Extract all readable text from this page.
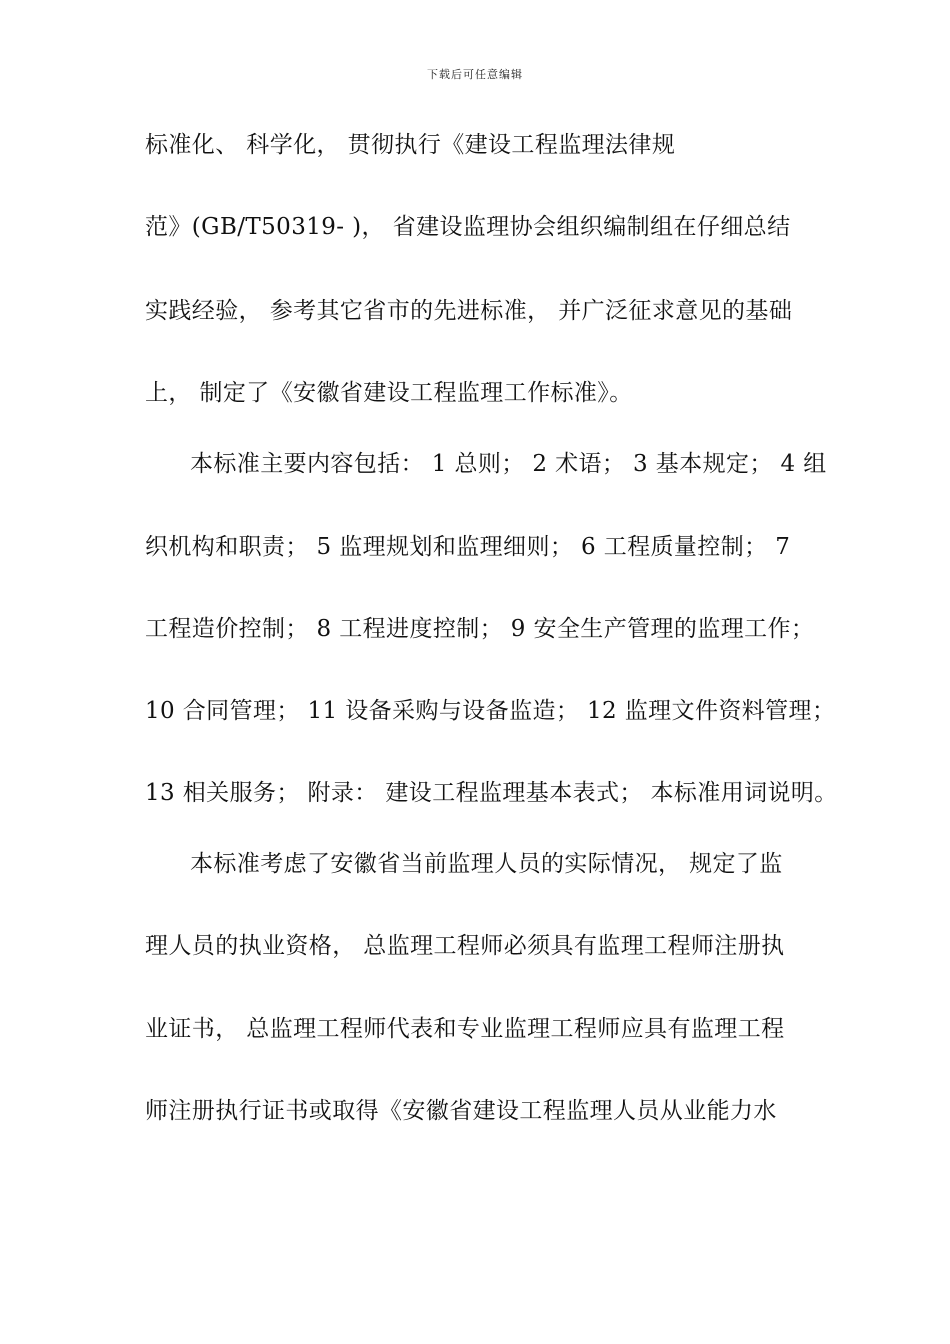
下载后可任意编辑
标准化、 科学化， 贯彻执行《建设工程监理法律规
范》(GB/T50319- )， 省建设监理协会组织编制组在仔细总结
实践经验， 参考其它省市的先进标准， 并广泛征求意见的基础
上， 制定了《安徽省建设工程监理工作标准》。
本标准主要内容包括： 1 总则； 2 术语； 3 基本规定； 4 组
织机构和职责； 5 监理规划和监理细则； 6 工程质量控制； 7
工程造价控制； 8 工程进度控制； 9 安全生产管理的监理工作；
10 合同管理； 11 设备采购与设备监造； 12 监理文件资料管理；
13 相关服务； 附录： 建设工程监理基本表式； 本标准用词说明。
本标准考虑了安徽省当前监理人员的实际情况， 规定了监
理人员的执业资格， 总监理工程师必须具有监理工程师注册执
业证书， 总监理工程师代表和专业监理工程师应具有监理工程
师注册执行证书或取得《安徽省建设工程监理人员从业能力水
